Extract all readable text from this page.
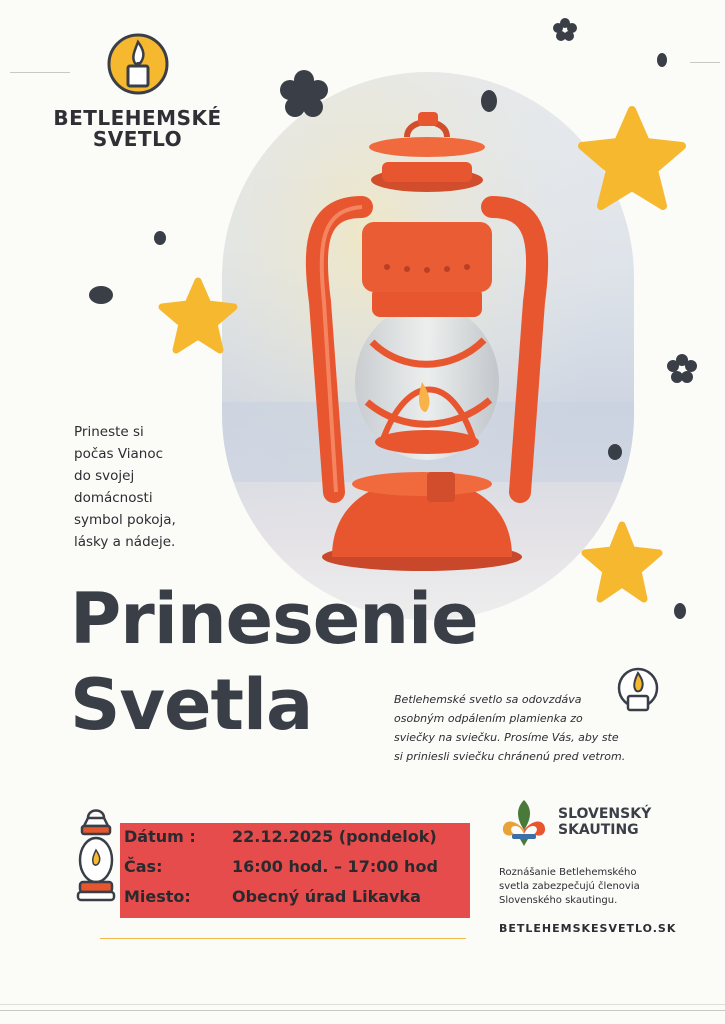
BETLEHEMSKÉ
SVETLO
Prineste si
počas Vianoc
do svojej
domácnosti
symbol pokoja,
lásky a nádeje.
Prinesenie
Svetla	Betlehemské svetlo sa odovzdáva
osobným odpálením plamienka zo
sviečky na sviečku. Prosíme Vás, aby ste
si priniesli sviečku chránenú pred vetrom.
Dátum : 22.12.2025 (pondelok)
Čas:	16:00 hod. – 17:00 hod
Miesto:	Obecný úrad Likavka
SLOVENSKÝ
SKAUTING
Roznášanie Betlehemského
svetla zabezpečujú členovia
Slovenského skautingu.
BETLEHEMSKESVETLO.SK
